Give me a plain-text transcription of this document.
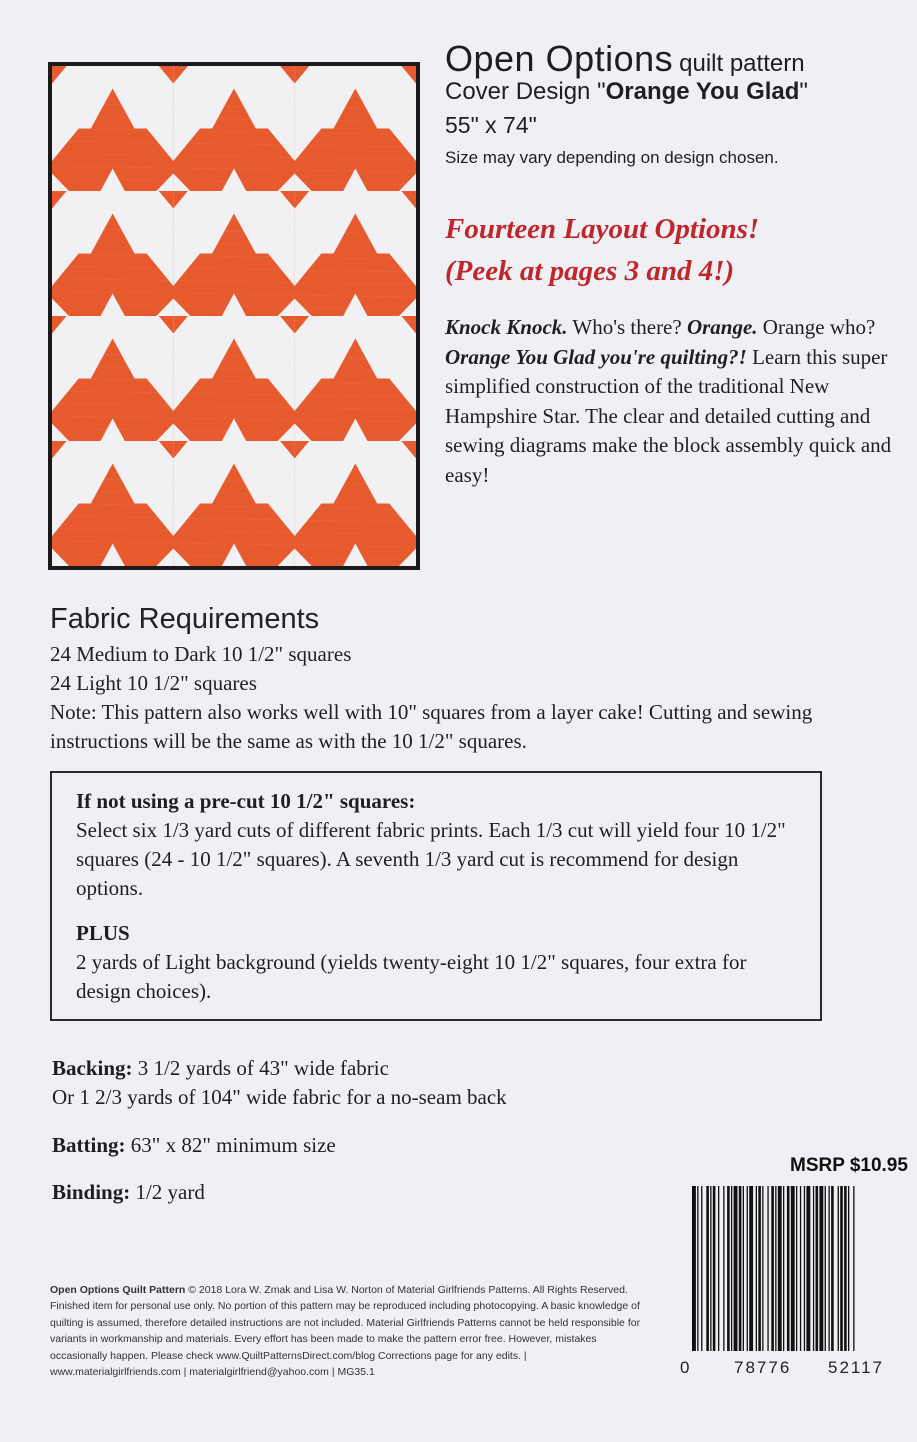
Open Options quilt pattern
Cover Design "Orange You Glad"
55" x 74"
Size may vary depending on design chosen.
Fourteen Layout Options!
(Peek at pages 3 and 4!)
Knock Knock. Who's there? Orange. Orange who? Orange You Glad you're quilting?! Learn this super simplified construction of the traditional New Hampshire Star. The clear and detailed cutting and sewing diagrams make the block assembly quick and easy!
Fabric Requirements
24 Medium to Dark 10 1/2" squares
24 Light 10 1/2" squares
Note: This pattern also works well with 10" squares from a layer cake! Cutting and sewing instructions will be the same as with the 10 1/2" squares.
If not using a pre-cut 10 1/2" squares:
Select six 1/3 yard cuts of different fabric prints. Each 1/3 cut will yield four 10 1/2" squares (24 - 10 1/2" squares). A seventh 1/3 yard cut is recommend for design options.
PLUS
2 yards of Light background (yields twenty-eight 10 1/2" squares, four extra for design choices).
Backing: 3 1/2 yards of 43" wide fabric
Or 1 2/3 yards of 104" wide fabric for a no-seam back
Batting: 63" x 82" minimum size
Binding: 1/2 yard
MSRP $10.95
0	78776 52117
Open Options Quilt Pattern © 2018 Lora W. Zmak and Lisa W. Norton of Material Girlfriends Patterns. All Rights Reserved. Finished item for personal use only. No portion of this pattern may be reproduced including photocopying. A basic knowledge of quilting is assumed, therefore detailed instructions are not included. Material Girlfriends Patterns cannot be held responsible for variants in workmanship and materials. Every effort has been made to make the pattern error free. However, mistakes occasionally happen. Please check www.QuiltPatternsDirect.com/blog Corrections page for any edits. | www.materialgirlfriends.com | materialgirlfriend@yahoo.com | MG35.1
